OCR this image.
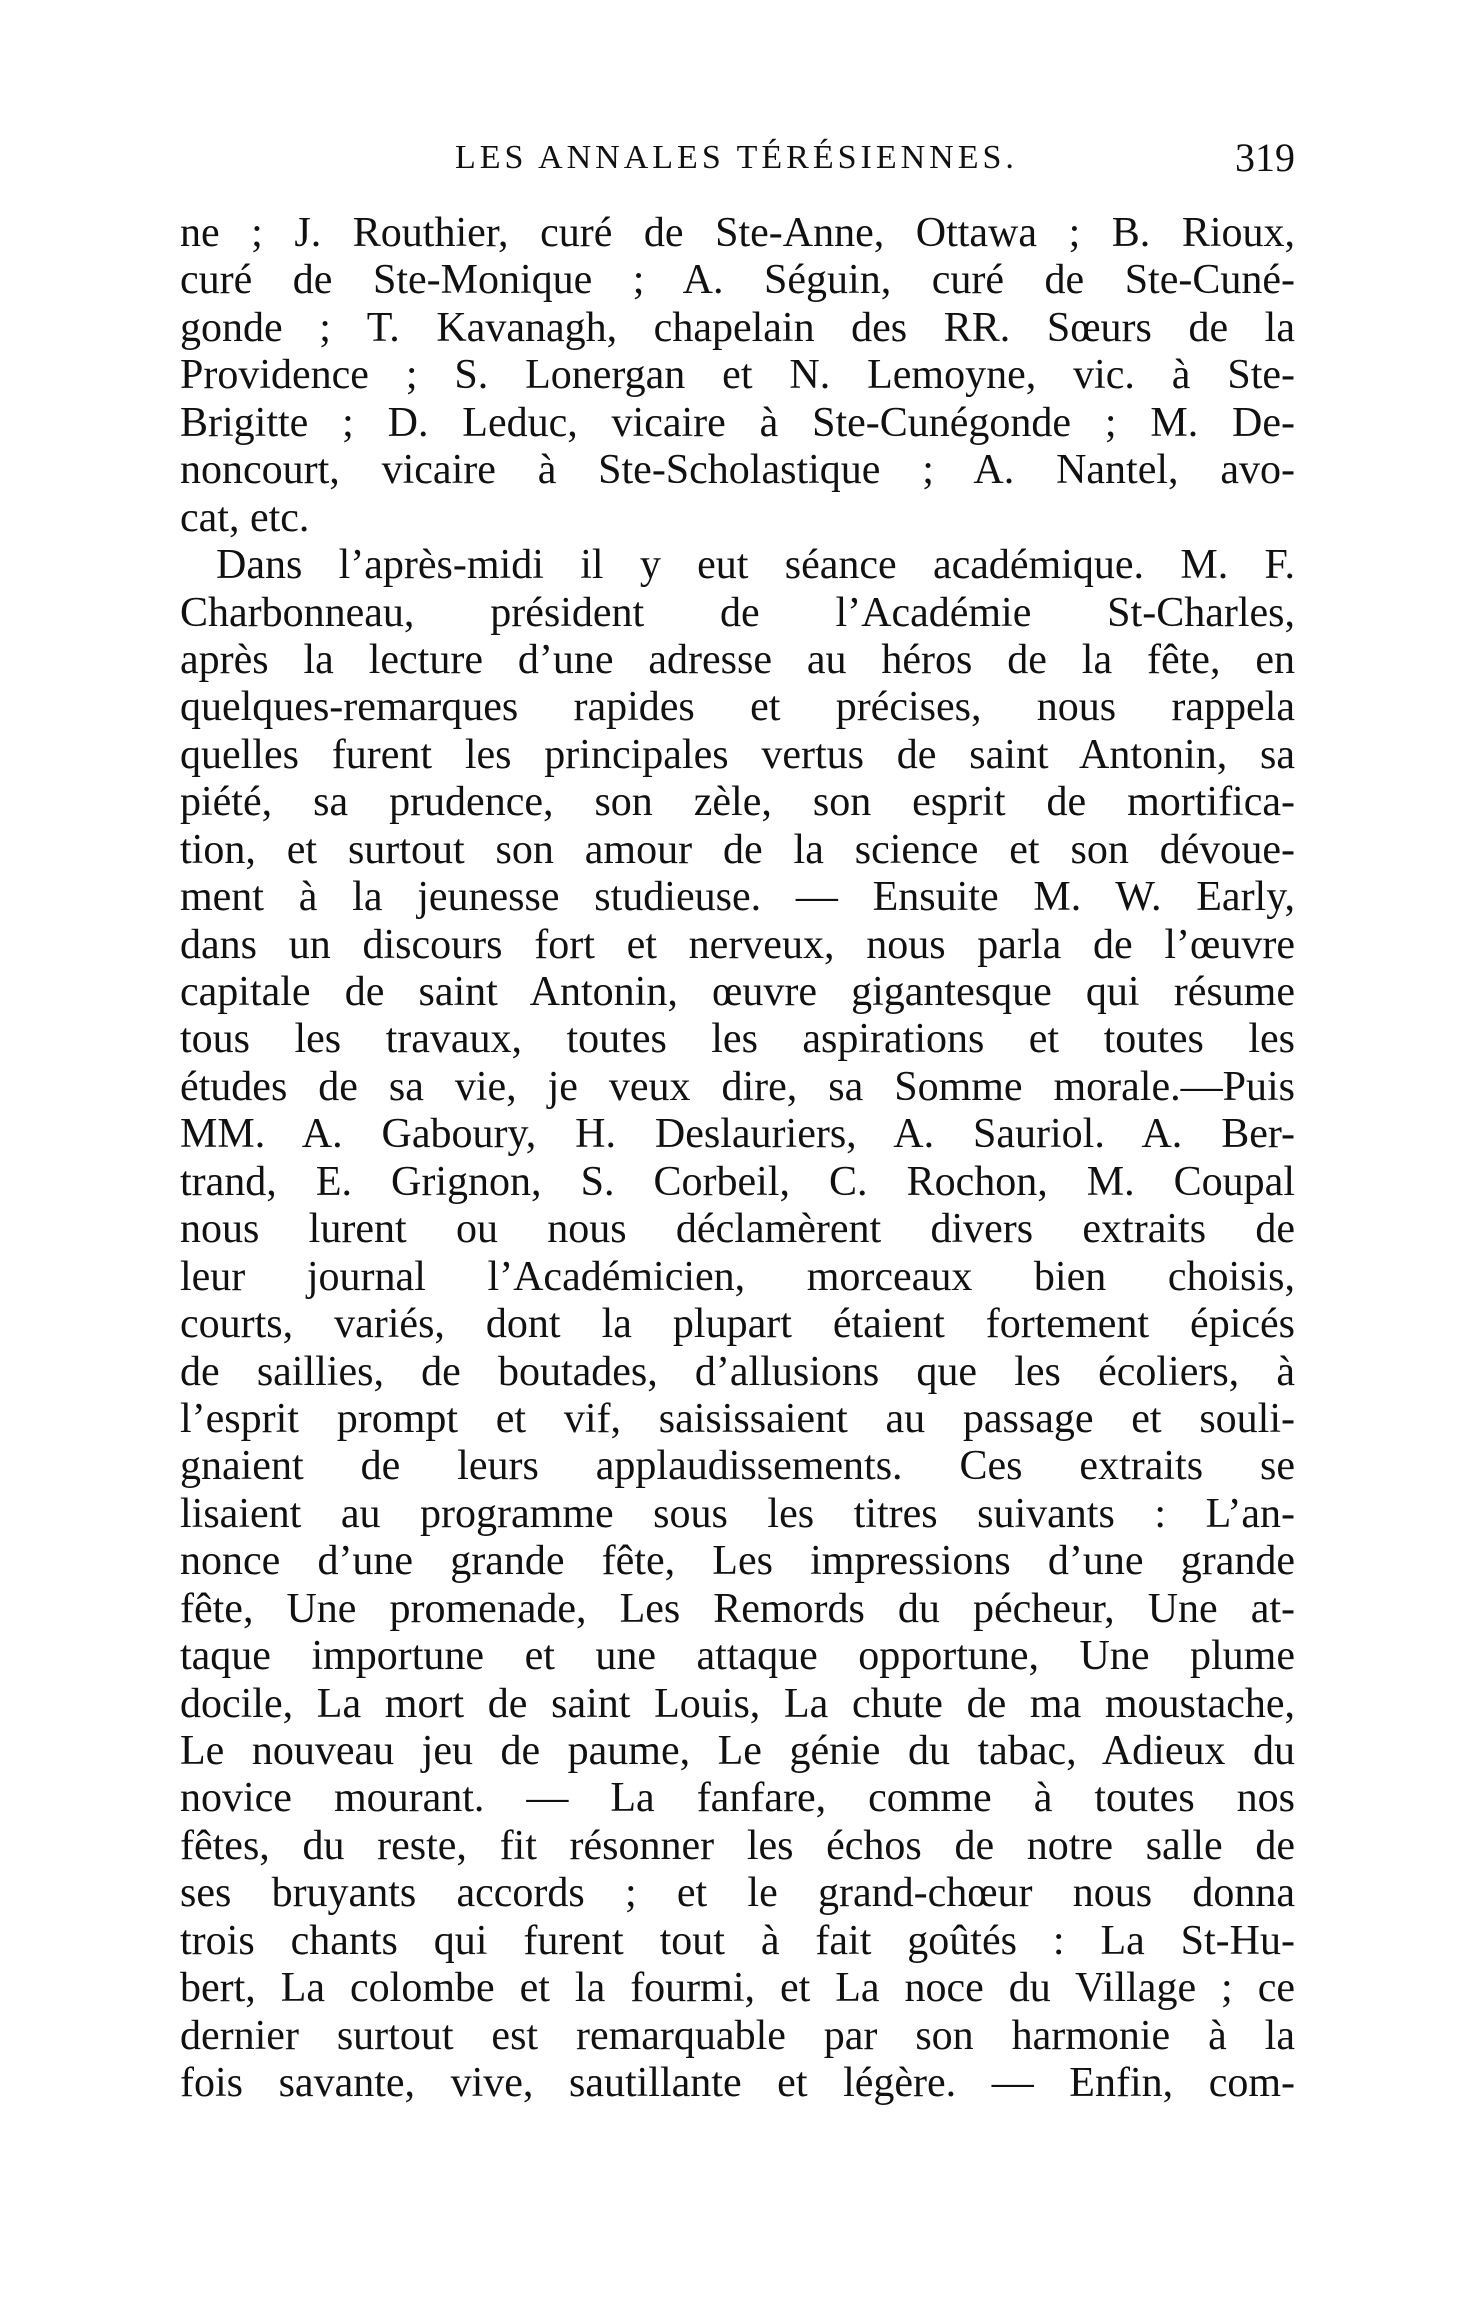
LES ANNALES TÉRÉSIENNES.	319
ne ; J. Routhier, curé de Ste-Anne, Ottawa ; B. Rioux,
curé de Ste-Monique ; A. Séguin, curé de Ste-Cuné-
gonde ; T. Kavanagh, chapelain des RR. Sœurs de la
Providence ; S. Lonergan et N. Lemoyne, vic. à Ste-
Brigitte ; D. Leduc, vicaire à Ste-Cunégonde ; M. De-
noncourt, vicaire à Ste-Scholastique ; A. Nantel, avo-
cat, etc.
Dans l’après-midi il y eut séance académique. M. F.
Charbonneau, président de l’Académie St-Charles,
après la lecture d’une adresse au héros de la fête, en
quelques-remarques rapides et précises, nous rappela
quelles furent les principales vertus de saint Antonin, sa
piété, sa prudence, son zèle, son esprit de mortifica-
tion, et surtout son amour de la science et son dévoue-
ment à la jeunesse studieuse. — Ensuite M. W. Early,
dans un discours fort et nerveux, nous parla de l’œuvre
capitale de saint Antonin, œuvre gigantesque qui résume
tous les travaux, toutes les aspirations et toutes les
études de sa vie, je veux dire, sa Somme morale.—Puis
MM. A. Gaboury, H. Deslauriers, A. Sauriol. A. Ber-
trand, E. Grignon, S. Corbeil, C. Rochon, M. Coupal
nous lurent ou nous déclamèrent divers extraits de
leur journal l’Académicien, morceaux bien choisis,
courts, variés, dont la plupart étaient fortement épicés
de saillies, de boutades, d’allusions que les écoliers, à
l’esprit prompt et vif, saisissaient au passage et souli-
gnaient de leurs applaudissements. Ces extraits se
lisaient au programme sous les titres suivants : L’an-
nonce d’une grande fête, Les impressions d’une grande
fête, Une promenade, Les Remords du pécheur, Une at-
taque importune et une attaque opportune, Une plume
docile, La mort de saint Louis, La chute de ma moustache,
Le nouveau jeu de paume, Le génie du tabac, Adieux du
novice mourant. — La fanfare, comme à toutes nos
fêtes, du reste, fit résonner les échos de notre salle de
ses bruyants accords ; et le grand-chœur nous donna
trois chants qui furent tout à fait goûtés : La St-Hu-
bert, La colombe et la fourmi, et La noce du Village ; ce
dernier surtout est remarquable par son harmonie à la
fois savante, vive, sautillante et légère. — Enfin, com-
